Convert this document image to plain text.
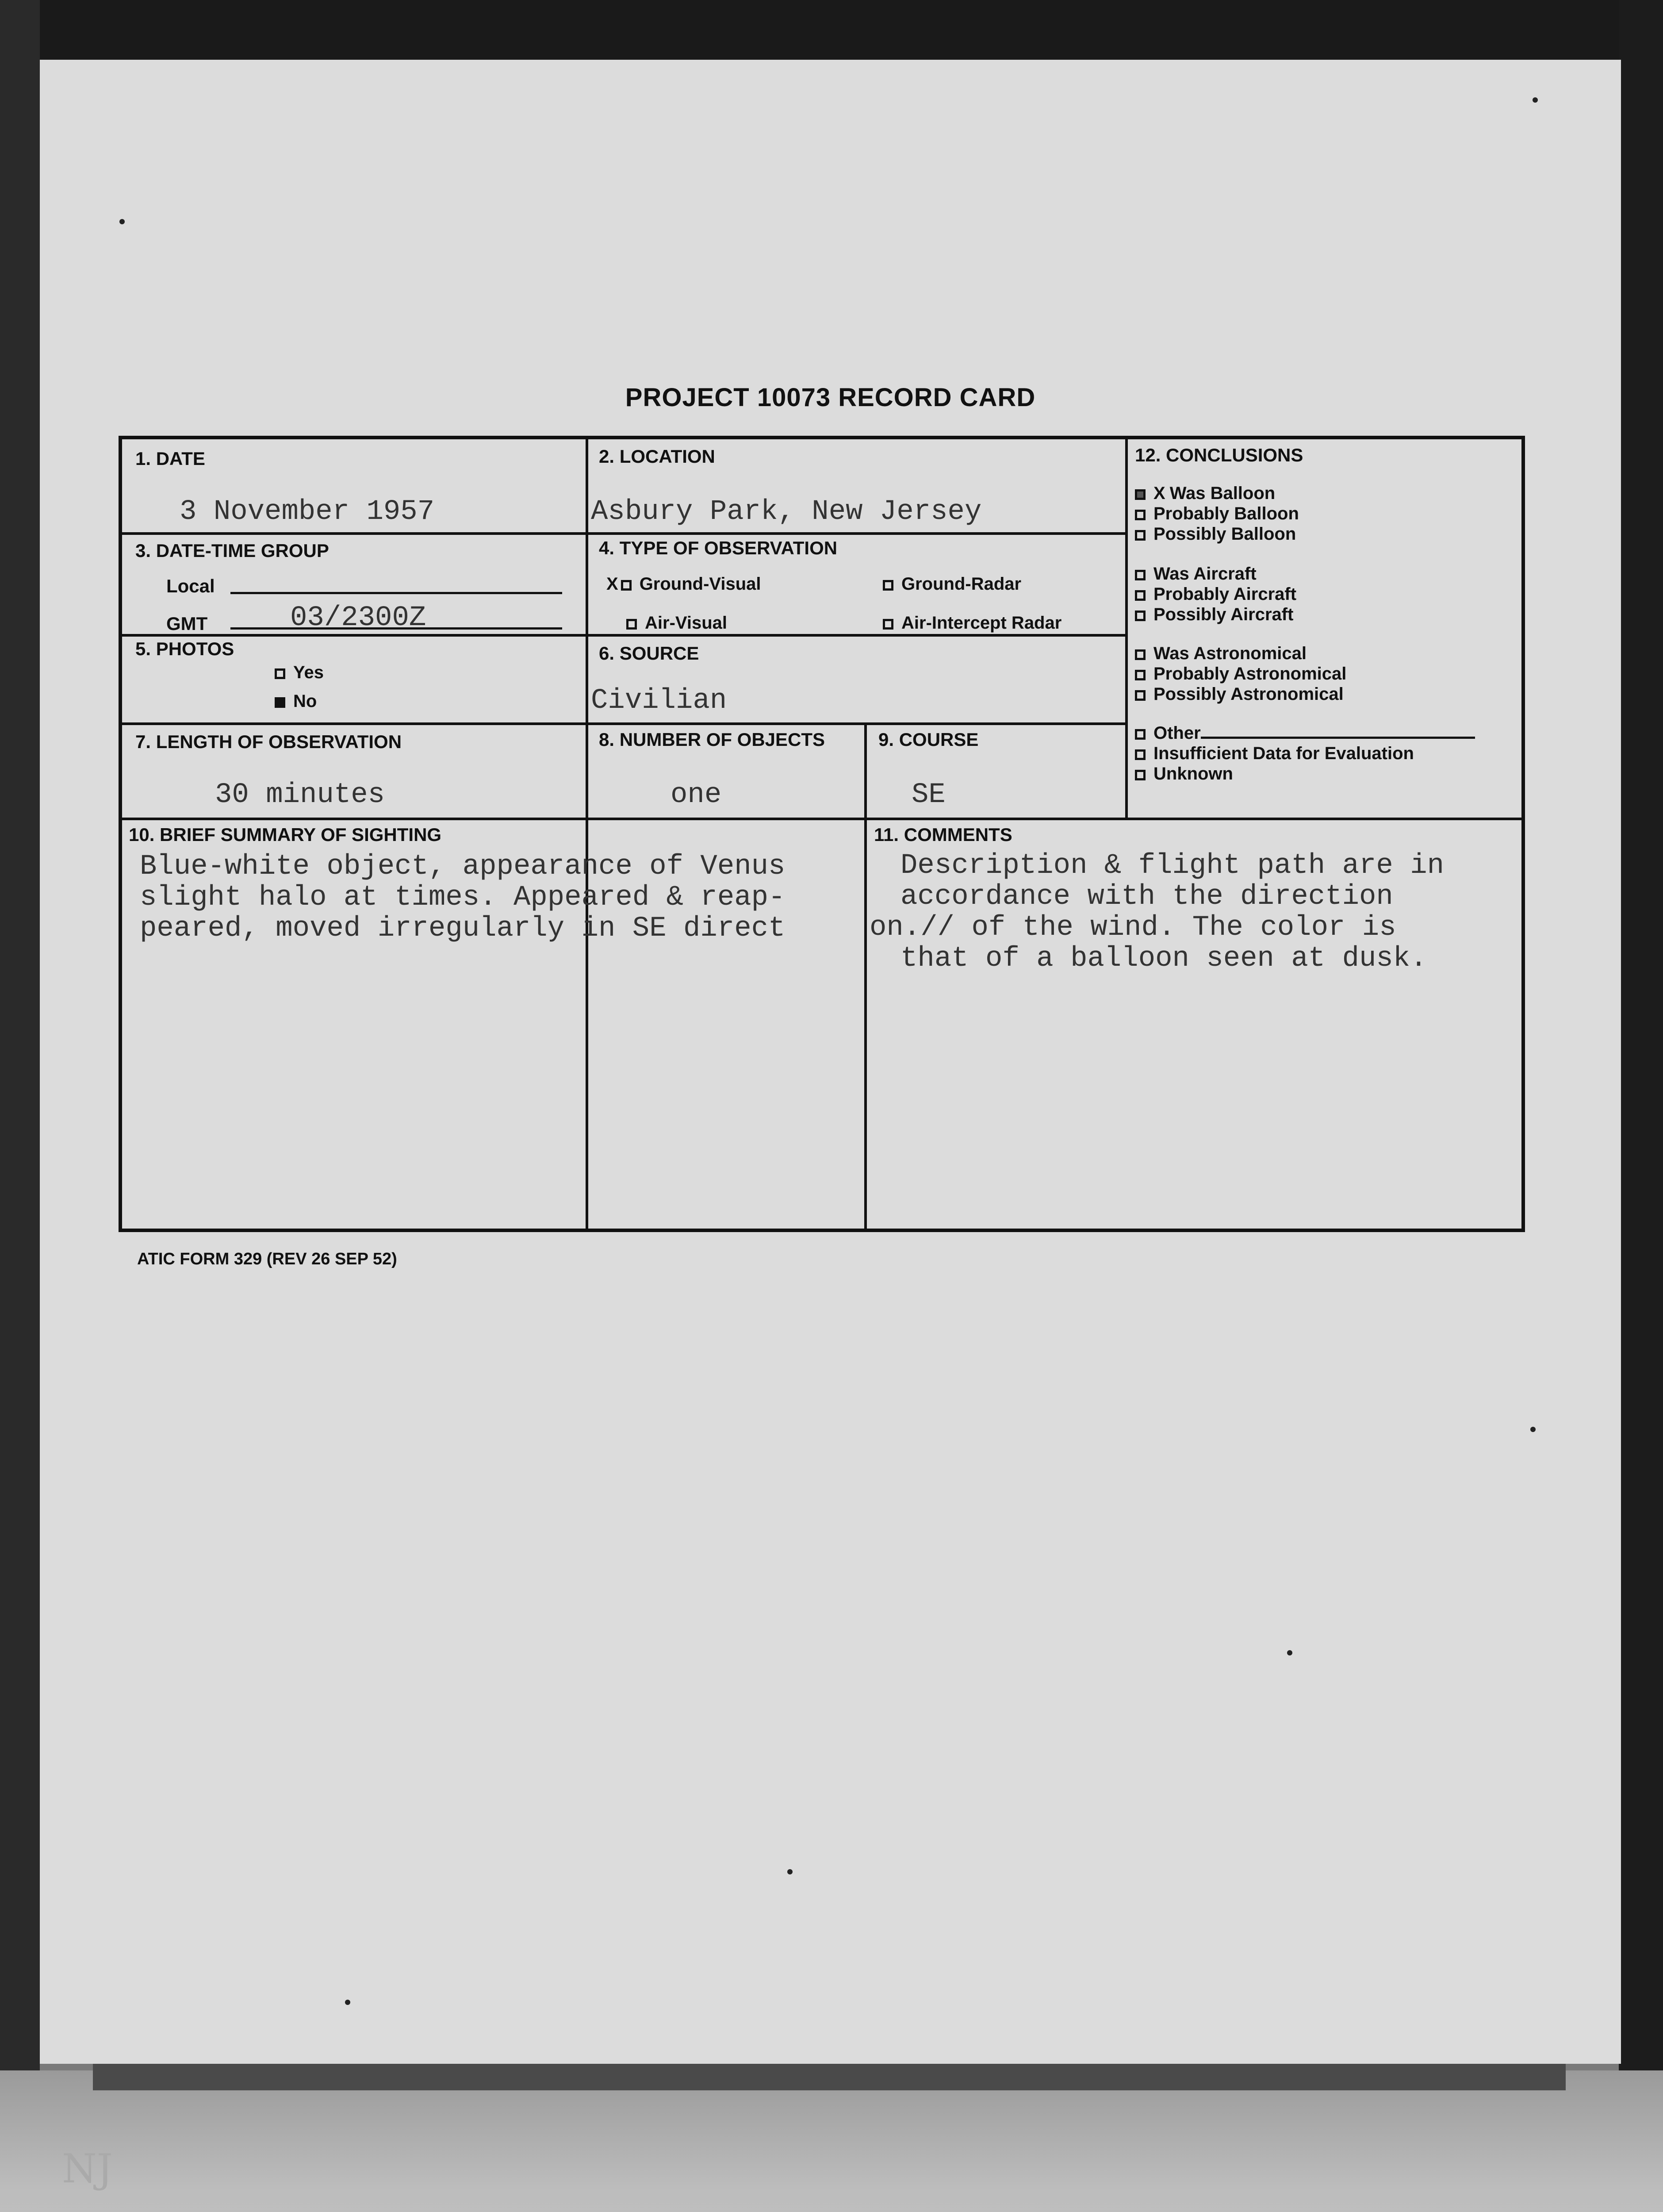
NJ
PROJECT 10073 RECORD CARD
1. DATE
3 November 1957
2. LOCATION
Asbury Park, New Jersey
3. DATE-TIME GROUP
Local
GMT	03/2300Z
4. TYPE OF OBSERVATION
X Ground-Visual	Ground-Radar
Air-Visual	Air-Intercept Radar
5. PHOTOS
Yes
No
6. SOURCE
Civilian
7. LENGTH OF OBSERVATION
30 minutes
8. NUMBER OF OBJECTS
one
9. COURSE
SE
10. BRIEF SUMMARY OF SIGHTING
Blue-white object, appearance of Venus
slight halo at times. Appeared & reap-
peared, moved irregularly in SE direct
11. COMMENTS
Description & flight path are in
accordance with the direction
on.// of the wind. The color is
that of a balloon seen at dusk.
12. CONCLUSIONS
X Was Balloon
Probably Balloon
Possibly Balloon
Was Aircraft
Probably Aircraft
Possibly Aircraft
Was Astronomical
Probably Astronomical
Possibly Astronomical
Other
Insufficient Data for Evaluation
Unknown
ATIC FORM 329 (REV 26 SEP 52)
